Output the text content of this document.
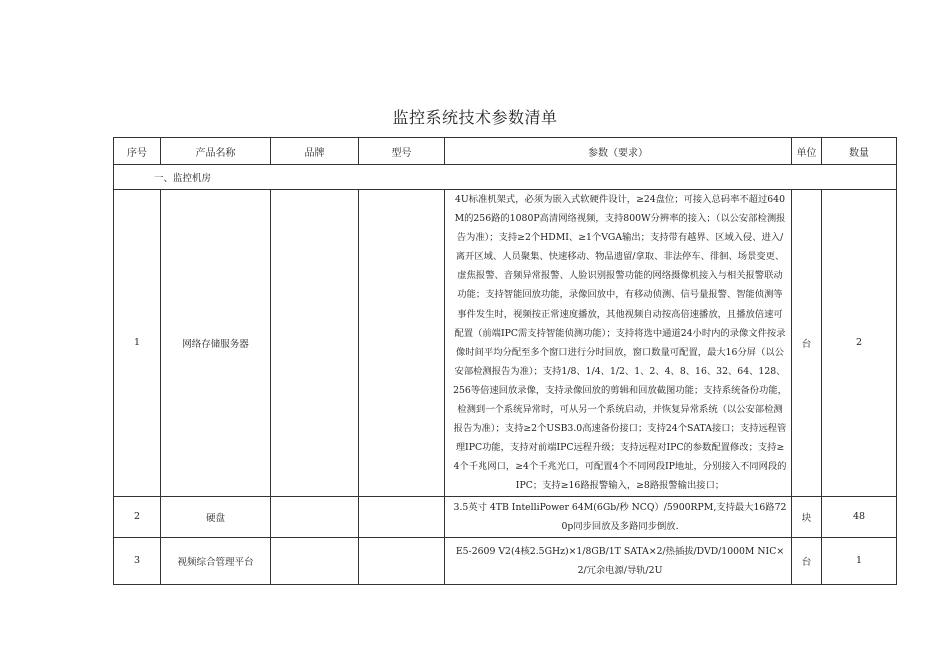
监控系统技术参数清单
序号	产品名称	品牌	型号	参数（要求）	单位	数量
一、监控机房						
1	网络存储服务器			4U标准机架式，必须为嵌入式软硬件设计，≥24盘位；可接入总码率不超过640M的256路的1080P高清网络视频，支持800W分辨率的接入；（以公安部检测报告为准）；支持≥2个HDMI、≥1个VGA输出；支持带有越界、区域入侵、进入/离开区域、人员聚集、快速移动、物品遗留/拿取、非法停车、徘徊、场景变更、虚焦报警、音频异常报警、人脸识别报警功能的网络摄像机接入与相关报警联动功能；支持智能回放功能，录像回放中，有移动侦测、信号量报警、智能侦测等事件发生时，视频按正常速度播放，其他视频自动按高倍速播放，且播放倍速可配置（前端IPC需支持智能侦测功能）；支持将选中通道24小时内的录像文件按录像时间平均分配至多个窗口进行分时回放，窗口数量可配置，最大16分屏（以公安部检测报告为准）；支持1/8、1/4、1/2、1、2、4、8、16、32、64、128、256等倍速回放录像，支持录像回放的剪辑和回放截图功能；支持系统备份功能，检测到一个系统异常时，可从另一个系统启动，并恢复异常系统（以公安部检测报告为准）；支持≥2个USB3.0高速备份接口；支持24个SATA接口；支持远程管理IPC功能，支持对前端IPC远程升级；支持远程对IPC的参数配置修改；支持≥4个千兆网口，≥4个千兆光口，可配置4个不同网段IP地址，分别接入不同网段的IPC；支持≥16路报警输入，≥8路报警输出接口；	台	2
2	硬盘			3.5英寸 4TB IntelliPower 64M(6Gb/秒 NCQ）/5900RPM,支持最大16路720p同步回放及多路同步倒放.	块	48
3	视频综合管理平台			E5-2609 V2(4核2.5GHz)×1/8GB/1T SATA×2/热插拔/DVD/1000M NIC×2/冗余电源/导轨/2U	台	1
